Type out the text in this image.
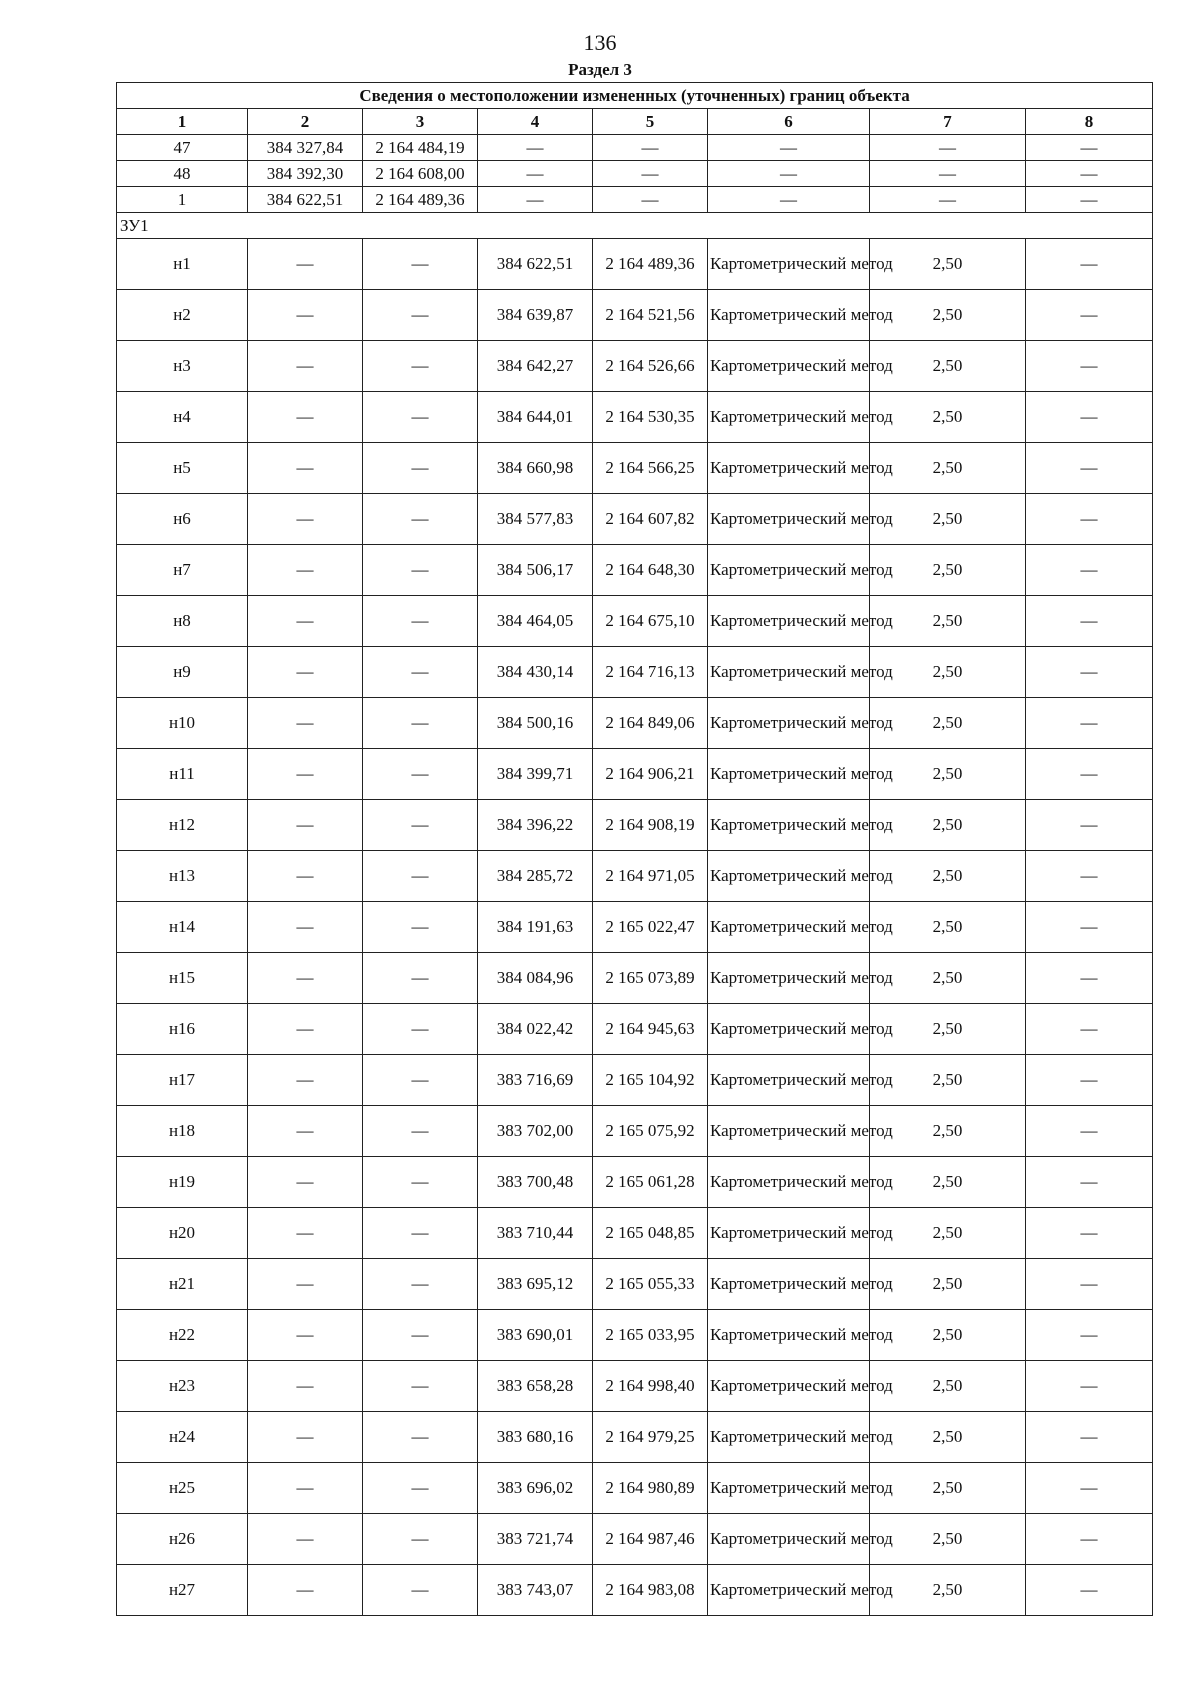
136
Раздел 3
Сведения о местоположении измененных (уточненных) границ объекта							
1	2	3	4	5	6	7	8
47	384 327,84	2 164 484,19	—	—	—	—	—
48	384 392,30	2 164 608,00	—	—	—	—	—
1	384 622,51	2 164 489,36	—	—	—	—	—
ЗУ1							
н1	—	—	384 622,51	2 164 489,36	Картометрический метод	2,50	—
н2	—	—	384 639,87	2 164 521,56	Картометрический метод	2,50	—
н3	—	—	384 642,27	2 164 526,66	Картометрический метод	2,50	—
н4	—	—	384 644,01	2 164 530,35	Картометрический метод	2,50	—
н5	—	—	384 660,98	2 164 566,25	Картометрический метод	2,50	—
н6	—	—	384 577,83	2 164 607,82	Картометрический метод	2,50	—
н7	—	—	384 506,17	2 164 648,30	Картометрический метод	2,50	—
н8	—	—	384 464,05	2 164 675,10	Картометрический метод	2,50	—
н9	—	—	384 430,14	2 164 716,13	Картометрический метод	2,50	—
н10	—	—	384 500,16	2 164 849,06	Картометрический метод	2,50	—
н11	—	—	384 399,71	2 164 906,21	Картометрический метод	2,50	—
н12	—	—	384 396,22	2 164 908,19	Картометрический метод	2,50	—
н13	—	—	384 285,72	2 164 971,05	Картометрический метод	2,50	—
н14	—	—	384 191,63	2 165 022,47	Картометрический метод	2,50	—
н15	—	—	384 084,96	2 165 073,89	Картометрический метод	2,50	—
н16	—	—	384 022,42	2 164 945,63	Картометрический метод	2,50	—
н17	—	—	383 716,69	2 165 104,92	Картометрический метод	2,50	—
н18	—	—	383 702,00	2 165 075,92	Картометрический метод	2,50	—
н19	—	—	383 700,48	2 165 061,28	Картометрический метод	2,50	—
н20	—	—	383 710,44	2 165 048,85	Картометрический метод	2,50	—
н21	—	—	383 695,12	2 165 055,33	Картометрический метод	2,50	—
н22	—	—	383 690,01	2 165 033,95	Картометрический метод	2,50	—
н23	—	—	383 658,28	2 164 998,40	Картометрический метод	2,50	—
н24	—	—	383 680,16	2 164 979,25	Картометрический метод	2,50	—
н25	—	—	383 696,02	2 164 980,89	Картометрический метод	2,50	—
н26	—	—	383 721,74	2 164 987,46	Картометрический метод	2,50	—
н27	—	—	383 743,07	2 164 983,08	Картометрический метод	2,50	—
